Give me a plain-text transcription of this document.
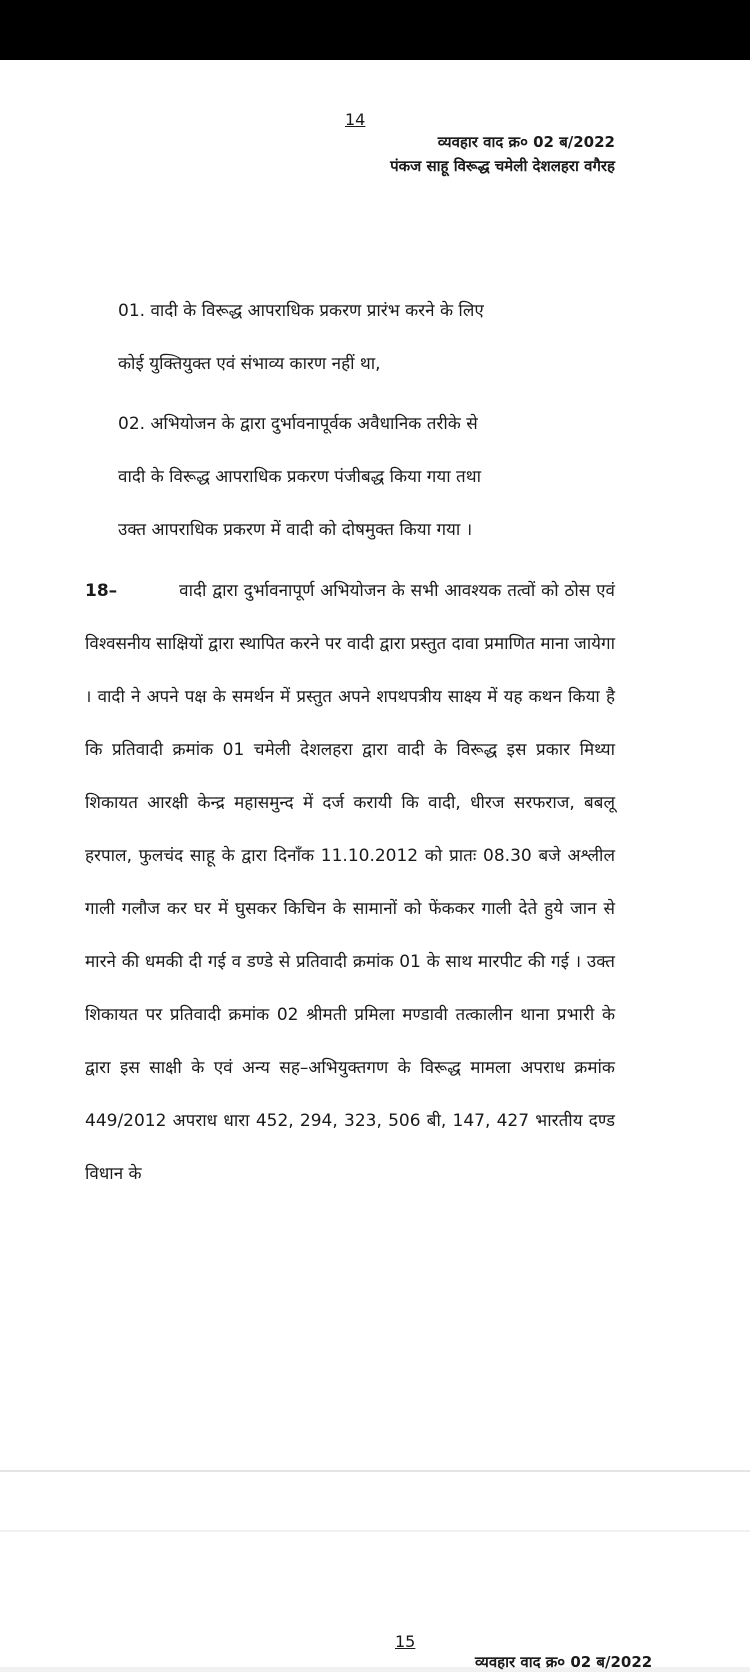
14
व्यवहार वाद क्र० 02 ब/2022
पंकज साहू विरूद्ध चमेली देशलहरा वगैरह
01. वादी के विरूद्ध आपराधिक प्रकरण प्रारंभ करने के लिए
कोई युक्तियुक्त एवं संभाव्य कारण नहीं था,
02. अभियोजन के द्वारा दुर्भावनापूर्वक अवैधानिक तरीके से
वादी के विरूद्ध आपराधिक प्रकरण पंजीबद्ध किया गया तथा
उक्त आपराधिक प्रकरण में वादी को दोषमुक्त किया गया ।
18–	वादी द्वारा दुर्भावनापूर्ण अभियोजन के सभी आवश्यक तत्वों को ठोस एवं विश्वसनीय साक्षियों द्वारा स्थापित करने पर वादी द्वारा प्रस्तुत दावा प्रमाणित माना जायेगा । वादी ने अपने पक्ष के समर्थन में प्रस्तुत अपने शपथपत्रीय साक्ष्य में यह कथन किया है कि प्रतिवादी क्रमांक 01 चमेली देशलहरा द्वारा वादी के विरूद्ध इस प्रकार मिथ्या शिकायत आरक्षी केन्द्र महासमुन्द में दर्ज करायी कि वादी, धीरज सरफराज, बबलू हरपाल, फुलचंद साहू के द्वारा दिनाँक 11.10.2012 को प्रातः 08.30 बजे अश्लील गाली गलौज कर घर में घुसकर किचिन के सामानों को फेंककर गाली देते हुये जान से मारने की धमकी दी गई व डण्डे से प्रतिवादी क्रमांक 01 के साथ मारपीट की गई । उक्त शिकायत पर प्रतिवादी क्रमांक 02 श्रीमती प्रमिला मण्डावी तत्कालीन थाना प्रभारी के द्वारा इस साक्षी के एवं अन्य सह–अभियुक्तगण के विरूद्ध मामला अपराध क्रमांक 449/2012 अपराध धारा 452, 294, 323, 506 बी, 147, 427 भारतीय दण्ड विधान के
15
व्यवहार वाद क्र० 02 ब/2022
